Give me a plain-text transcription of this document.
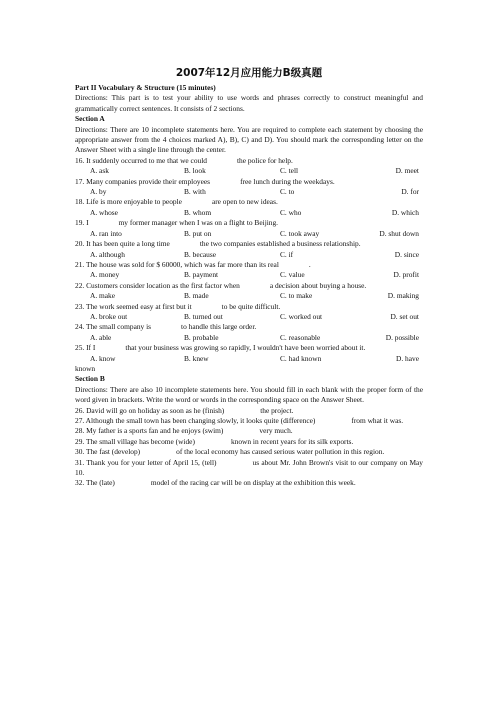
2007年12月应用能力B级真题
Part II Vocabulary & Structure (15 minutes)
Directions: This part is to test your ability to use words and phrases correctly to construct meaningful and grammatically correct sentences. It consists of 2 sections.
Section A
Directions: There are 10 incomplete statements here. You are required to complete each statement by choosing the appropriate answer from the 4 choices marked A), B), C) and D). You should mark the corresponding letter on the Answer Sheet with a single line through the center.
16. It suddenly occurred to me that we could	the police for help.
A. ask	B. look	C. tell	D. meet
17. Many companies provide their employees	free lunch during the weekdays.
A. by	B. with	C. to	D. for
18. Life is more enjoyable to people	are open to new ideas.
A. whose	B. whom	C. who	D. which
19. I	my former manager when I was on a flight to Beijing.
A. ran into	B. put on	C. took away	D. shut down
20. It has been quite a long time	the two companies established a business relationship.
A. although	B. because	C. if	D. since
21. The house was sold for $ 60000, which was far more than its real	.
A. money	B. payment	C. value	D. profit
22. Customers consider location as the first factor when	a decision about buying a house.
A. make	B. made	C. to make	D. making
23. The work seemed easy at first but it	to be quite difficult.
A. broke out	B. turned out	C. worked out	D. set out
24. The small company is	to handle this large order.
A. able	B. probable	C. reasonable	D. possible
25. If I	that your business was growing so rapidly, I wouldn't have been worried about it.
A. know	B. knew	C. had known	D. have
known
Section B
Directions: There are also 10 incomplete statements here. You should fill in each blank with the proper form of the word given in brackets. Write the word or words in the corresponding space on the Answer Sheet.
26. David will go on holiday as soon as he (finish)	the project.
27. Although the small town has been changing slowly, it looks quite (difference)	from what it was.
28. My father is a sports fan and he enjoys (swim)	very much.
29. The small village has become (wide)	known in recent years for its silk exports.
30. The fast (develop)	of the local economy has caused serious water pollution in this region.
31. Thank you for your letter of April 15, (tell)	us about Mr. John Brown's visit to our company on May 10.
32. The (late)	model of the racing car will be on display at the exhibition this week.
